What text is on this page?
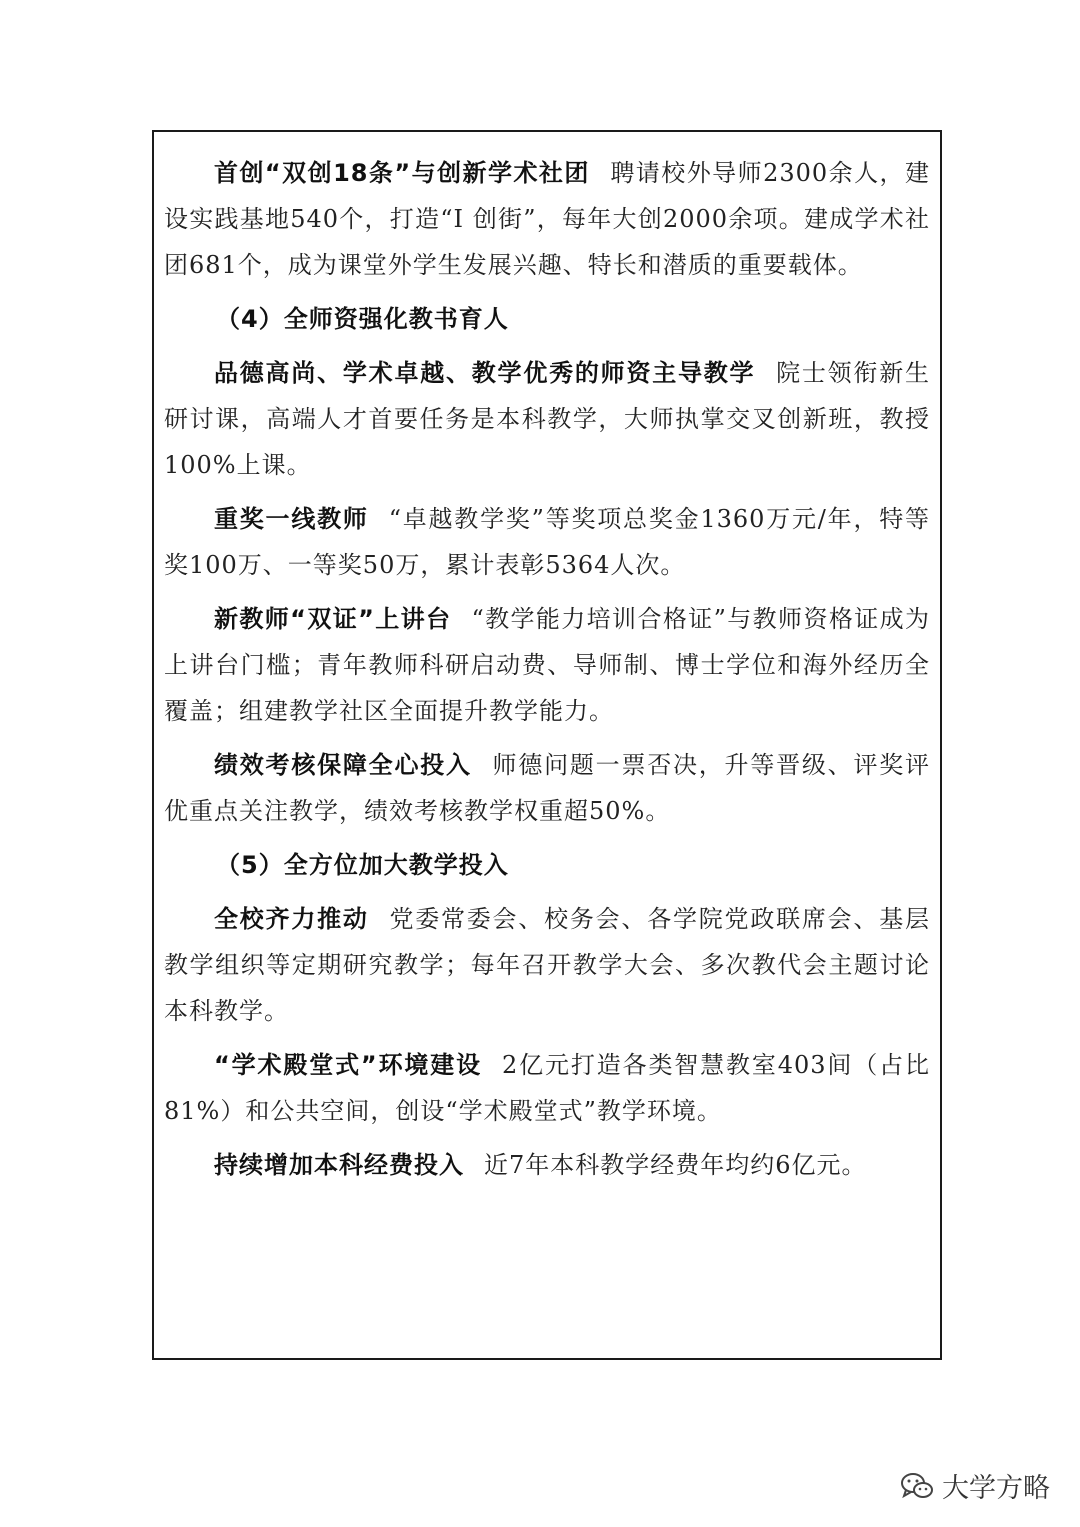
首创“双创18条”与创新学术社团 聘请校外导师2300余人，建设实践基地540个，打造“I 创街”，每年大创2000余项。建成学术社团681个，成为课堂外学生发展兴趣、特长和潜质的重要载体。

（4）全师资强化教书育人

品德高尚、学术卓越、教学优秀的师资主导教学 院士领衔新生研讨课，高端人才首要任务是本科教学，大师执掌交叉创新班，教授100%上课。

重奖一线教师 “卓越教学奖”等奖项总奖金1360万元/年，特等奖100万、一等奖50万，累计表彰5364人次。

新教师“双证”上讲台 “教学能力培训合格证”与教师资格证成为上讲台门槛；青年教师科研启动费、导师制、博士学位和海外经历全覆盖；组建教学社区全面提升教学能力。

绩效考核保障全心投入 师德问题一票否决，升等晋级、评奖评优重点关注教学，绩效考核教学权重超50%。

（5）全方位加大教学投入

全校齐力推动 党委常委会、校务会、各学院党政联席会、基层教学组织等定期研究教学；每年召开教学大会、多次教代会主题讨论本科教学。

“学术殿堂式”环境建设 2亿元打造各类智慧教室403间（占比81%）和公共空间，创设“学术殿堂式”教学环境。

持续增加本科经费投入 近7年本科教学经费年均约6亿元。

大学方略
